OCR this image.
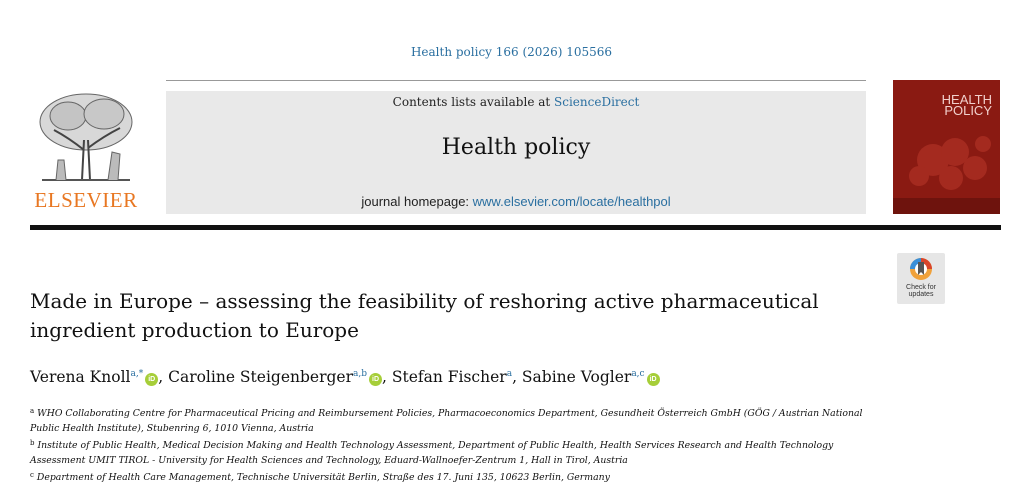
Health policy 166 (2026) 105566
ELSEVIER
Contents lists available at ScienceDirect
Health policy
journal homepage: www.elsevier.com/locate/healthpol
HEALTH
POLICY
Check for
updates
Made in Europe – assessing the feasibility of reshoring active pharmaceutical ingredient production to Europe
Verena Knoll$^{a,*}$iD , Caroline Steigenberger$^{a,b}$iD , Stefan Fischer$^a$, Sabine Vogler$^{a,c}$iD
$^a$ WHO Collaborating Centre for Pharmaceutical Pricing and Reimbursement Policies, Pharmacoeconomics Department, Gesundheit Österreich GmbH (GÖG / Austrian National Public Health Institute), Stubenring 6, 1010 Vienna, Austria
$^b$ Institute of Public Health, Medical Decision Making and Health Technology Assessment, Department of Public Health, Health Services Research and Health Technology Assessment UMIT TIROL - University for Health Sciences and Technology, Eduard-Wallnoefer-Zentrum 1, Hall in Tirol, Austria
$^c$ Department of Health Care Management, Technische Universität Berlin, Straße des 17. Juni 135, 10623 Berlin, Germany
